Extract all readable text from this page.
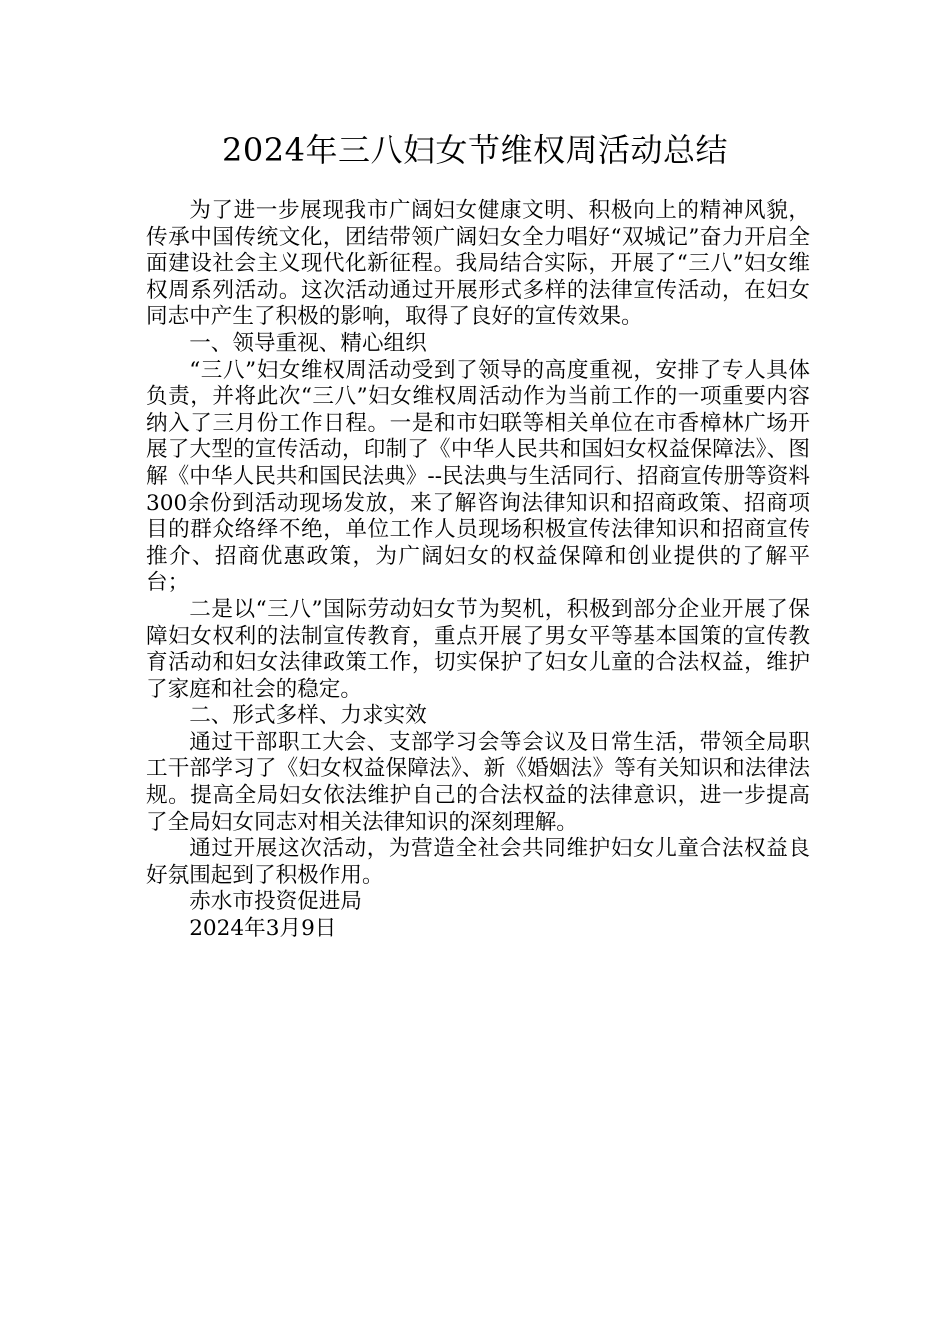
2024年三八妇女节维权周活动总结

为了进一步展现我市广阔妇女健康文明、积极向上的精神风貌，传承中国传统文化，团结带领广阔妇女全力唱好“双城记”奋力开启全面建设社会主义现代化新征程。我局结合实际，开展了“三八”妇女维权周系列活动。这次活动通过开展形式多样的法律宣传活动，在妇女同志中产生了积极的影响，取得了良好的宣传效果。

一、领导重视、精心组织

“三八”妇女维权周活动受到了领导的高度重视，安排了专人具体负责，并将此次“三八”妇女维权周活动作为当前工作的一项重要内容纳入了三月份工作日程。一是和市妇联等相关单位在市香樟林广场开展了大型的宣传活动，印制了《中华人民共和国妇女权益保障法》、图解《中华人民共和国民法典》--民法典与生活同行、招商宣传册等资料300余份到活动现场发放，来了解咨询法律知识和招商政策、招商项目的群众络绎不绝，单位工作人员现场积极宣传法律知识和招商宣传推介、招商优惠政策，为广阔妇女的权益保障和创业提供的了解平台；

二是以“三八”国际劳动妇女节为契机，积极到部分企业开展了保障妇女权利的法制宣传教育，重点开展了男女平等基本国策的宣传教育活动和妇女法律政策工作，切实保护了妇女儿童的合法权益，维护了家庭和社会的稳定。

二、形式多样、力求实效

通过干部职工大会、支部学习会等会议及日常生活，带领全局职工干部学习了《妇女权益保障法》、新《婚姻法》等有关知识和法律法规。提高全局妇女依法维护自己的合法权益的法律意识，进一步提高了全局妇女同志对相关法律知识的深刻理解。

通过开展这次活动，为营造全社会共同维护妇女儿童合法权益良好氛围起到了积极作用。

赤水市投资促进局

2024年3月9日
